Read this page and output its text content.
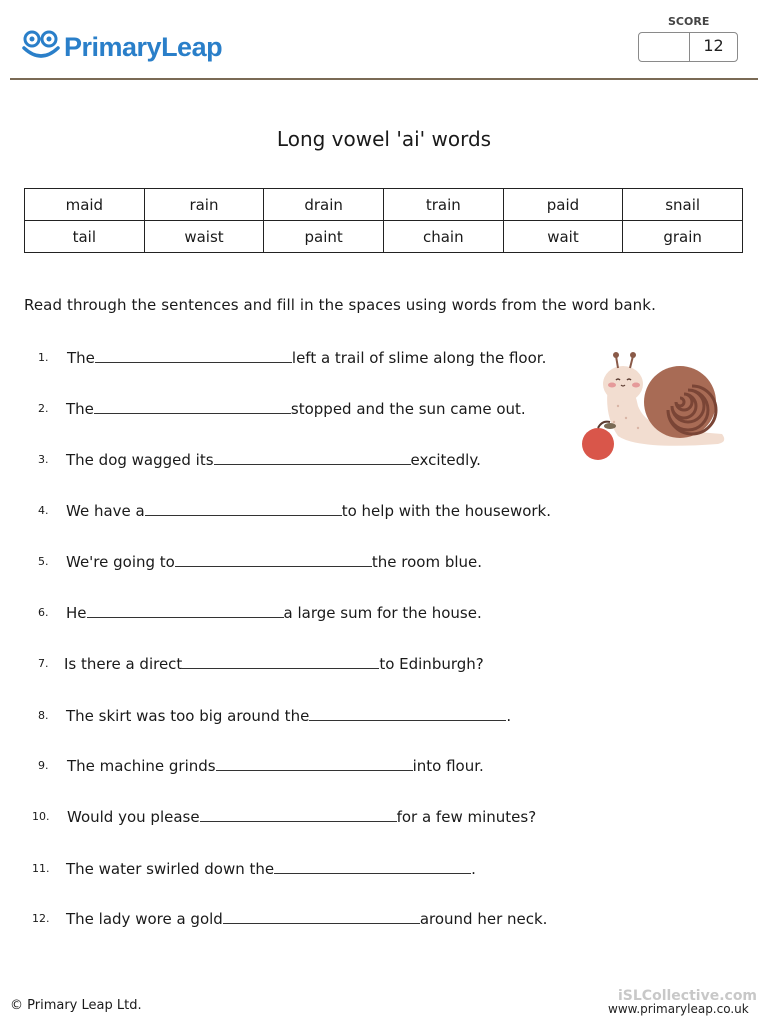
PrimaryLeap
SCORE
12
Long vowel 'ai' words
maid	rain	drain	train	paid	snail
tail	waist	paint	chain	wait	grain
Read through the sentences and fill in the spaces using words from the word bank.
1. The	left a trail of slime along the floor.
2. The	stopped and the sun came out.
3. The dog wagged its	excitedly.
4. We have a	to help with the housework.
5. We're going to	the room blue.
6. He	a large sum for the house.
7. Is there a direct	to Edinburgh?
8. The skirt was too big around the	.
9. The machine grinds	into flour.
10. Would you please	for a few minutes?
11. The water swirled down the	.
12. The lady wore a gold	around her neck.
© Primary Leap Ltd.
iSLCollective.com
www.primaryleap.co.uk
